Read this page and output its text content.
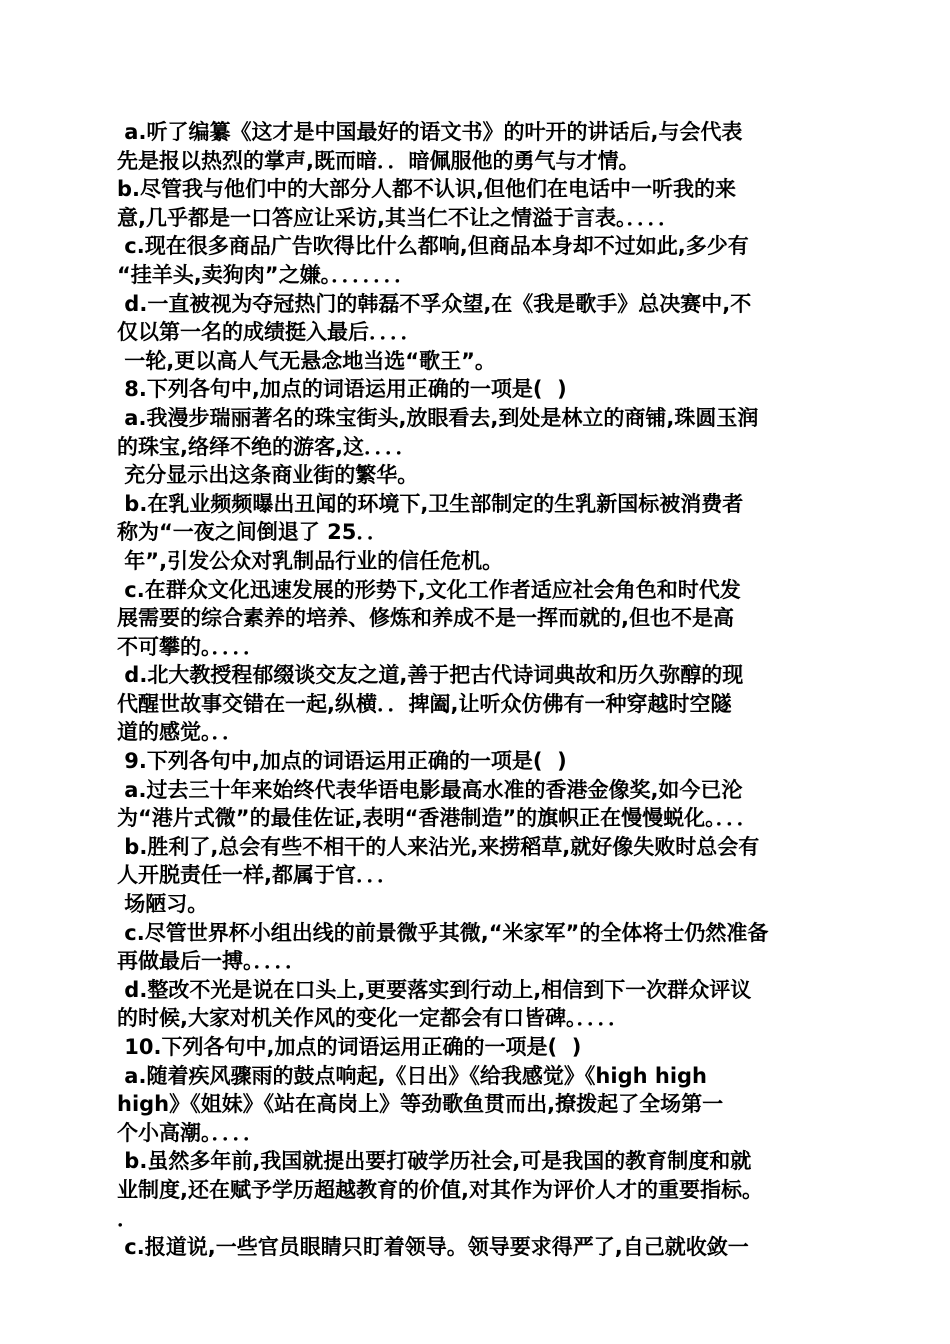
a.听了编纂《这才是中国最好的语文书》的叶开的讲话后,与会代表
先是报以热烈的掌声,既而暗．．暗佩服他的勇气与才情。
b.尽管我与他们中的大部分人都不认识,但他们在电话中一听我的来
意,几乎都是一口答应让采访,其当仁不让之情溢于言表。．．．．
c.现在很多商品广告吹得比什么都响,但商品本身却不过如此,多少有
“挂羊头,卖狗肉”之嫌。．．．．．．．
d.一直被视为夺冠热门的韩磊不孚众望,在《我是歌手》总决赛中,不
仅以第一名的成绩挺入最后．．．．
一轮,更以高人气无悬念地当选“歌王”。
8.下列各句中,加点的词语运用正确的一项是(  )
a.我漫步瑞丽著名的珠宝街头,放眼看去,到处是林立的商铺,珠圆玉润
的珠宝,络绎不绝的游客,这．．．．
充分显示出这条商业街的繁华。
b.在乳业频频曝出丑闻的环境下,卫生部制定的生乳新国标被消费者
称为“一夜之间倒退了 25．．
年”,引发公众对乳制品行业的信任危机。
c.在群众文化迅速发展的形势下,文化工作者适应社会角色和时代发
展需要的综合素养的培养、修炼和养成不是一挥而就的,但也不是高
不可攀的。．．．．
d.北大教授程郁缀谈交友之道,善于把古代诗词典故和历久弥醇的现
代醒世故事交错在一起,纵横．．捭阖,让听众仿佛有一种穿越时空隧
道的感觉。．．
9.下列各句中,加点的词语运用正确的一项是(  )
a.过去三十年来始终代表华语电影最高水准的香港金像奖,如今已沦
为“港片式微”的最佳佐证,表明“香港制造”的旗帜正在慢慢蜕化。．．．
b.胜利了,总会有些不相干的人来沾光,来捞稻草,就好像失败时总会有
人开脱责任一样,都属于官．．．
场陋习。
c.尽管世界杯小组出线的前景微乎其微,“米家军”的全体将士仍然准备
再做最后一搏。．．．．
d.整改不光是说在口头上,更要落实到行动上,相信到下一次群众评议
的时候,大家对机关作风的变化一定都会有口皆碑。．．．．
10.下列各句中,加点的词语运用正确的一项是(  )
a.随着疾风骤雨的鼓点响起,《日出》《给我感觉》《high high
high》《姐妹》《站在高岗上》等劲歌鱼贯而出,撩拨起了全场第一
个小高潮。．．．．
b.虽然多年前,我国就提出要打破学历社会,可是我国的教育制度和就
业制度,还在赋予学历超越教育的价值,对其作为评价人才的重要指标。
．
c.报道说,一些官员眼睛只盯着领导。领导要求得严了,自己就收敛一
